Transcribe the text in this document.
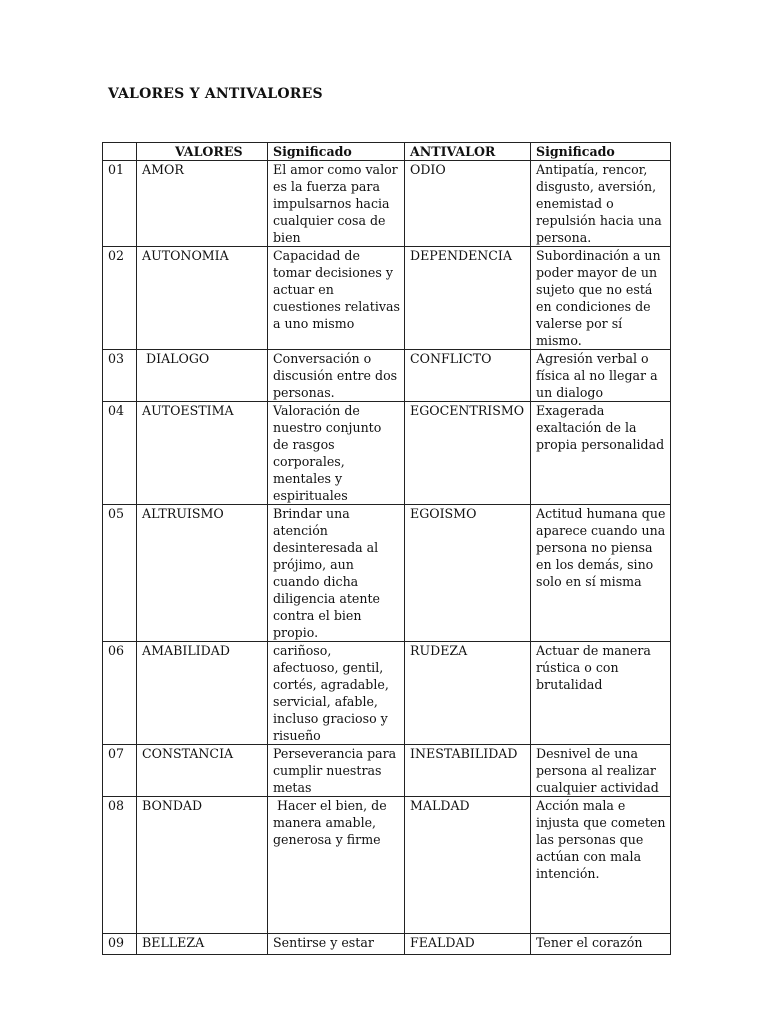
VALORES Y ANTIVALORES
	VALORES	Significado	ANTIVALOR	Significado
01	AMOR	El amor como valor es la fuerza para impulsarnos hacia cualquier cosa de bien	ODIO	Antipatía, rencor, disgusto, aversión, enemistad o repulsión hacia una persona.
02	AUTONOMIA	Capacidad de tomar decisiones y actuar en cuestiones relativas a uno mismo	DEPENDENCIA	Subordinación a un poder mayor de un sujeto que no está en condiciones de valerse por sí mismo.
03	DIALOGO	Conversación o discusión entre dos personas.	CONFLICTO	Agresión verbal o física al no llegar a un dialogo
04	AUTOESTIMA	Valoración de nuestro conjunto de rasgos corporales, mentales y espirituales	EGOCENTRISMO	Exagerada exaltación de la propia personalidad
05	ALTRUISMO	Brindar una atención desinteresada al prójimo, aun cuando dicha diligencia atente contra el bien propio.	EGOISMO	Actitud humana que aparece cuando una persona no piensa en los demás, sino solo en sí misma
06	AMABILIDAD	cariñoso, afectuoso, gentil, cortés, agradable, servicial, afable, incluso gracioso y risueño	RUDEZA	Actuar de manera rústica o con brutalidad
07	CONSTANCIA	Perseverancia para cumplir nuestras metas	INESTABILIDAD	Desnivel de una persona al realizar cualquier actividad
08	BONDAD	Hacer el bien, de manera amable, generosa y firme	MALDAD	Acción mala e injusta que cometen las personas que actúan con mala intención.
09	BELLEZA	Sentirse y estar	FEALDAD	Tener el corazón
